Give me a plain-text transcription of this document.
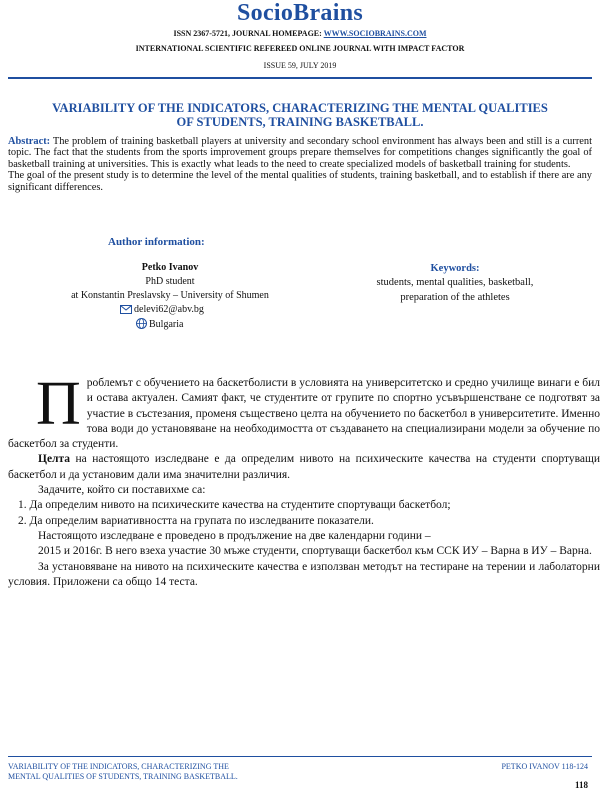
SocioBrains
ISSN 2367-5721, JOURNAL HOMEPAGE: WWW.SOCIOBRAINS.COM
INTERNATIONAL SCIENTIFIC REFEREED ONLINE JOURNAL WITH IMPACT FACTOR
ISSUE 59, JULY 2019
VARIABILITY OF THE INDICATORS, CHARACTERIZING THE MENTAL QUALITIES
OF STUDENTS, TRAINING BASKETBALL.
Abstract: The problem of training basketball players at university and secondary school environment has always been and still is a current topic. The fact that the students from the sports improvement groups prepare themselves for competitions changes significantly the goal of basketball training at universities. This is exactly what leads to the need to create specialized models of basketball training for students.
The goal of the present study is to determine the level of the mental qualities of students, training basketball, and to establish if there are any significant differences.
Author information:
Petko Ivanov
PhD student
at Konstantin Preslavsky – University of Shumen
delevi62@abv.bg
Bulgaria
Keywords:
students, mental qualities, basketball,
preparation of the athletes

Проблемът с обучението на баскетболисти в условията на университетско и средно училище винаги е бил и остава актуален. Самият факт, че студентите от групите по спортно усъвършенстване се подготвят за участие в състезания, променя съществено целта на обучението по баскетбол в университетите. Именно това води до установяване на необходимостта от създаването на специализирани модели за обучение по баскетбол за студенти.

Целта на настоящото изследване е да определим нивото на психическите качества на студенти спортуващи баскетбол и да установим дали има значителни различия.

Задачите, който си поставихме са:

1. Да определим нивото на психическите качества на студентите спортуващи баскетбол;

2. Да определим вариативността на групата по изследваните показатели.

Настоящото изследване е проведено в продължение на две календарни години –

2015 и 2016г. В него взеха участие 30 мъже студенти, спортуващи баскетбол към ССК ИУ – Варна в ИУ – Варна.

За установяване на нивото на психическите качества е използван методът на тестиране на терении и лаболаторни условия. Приложени са общо 14 теста.

VARIABILITY OF THE INDICATORS, CHARACTERIZING THE
MENTAL QUALITIES OF STUDENTS, TRAINING BASKETBALL.
PETKO IVANOV 118-124
118
